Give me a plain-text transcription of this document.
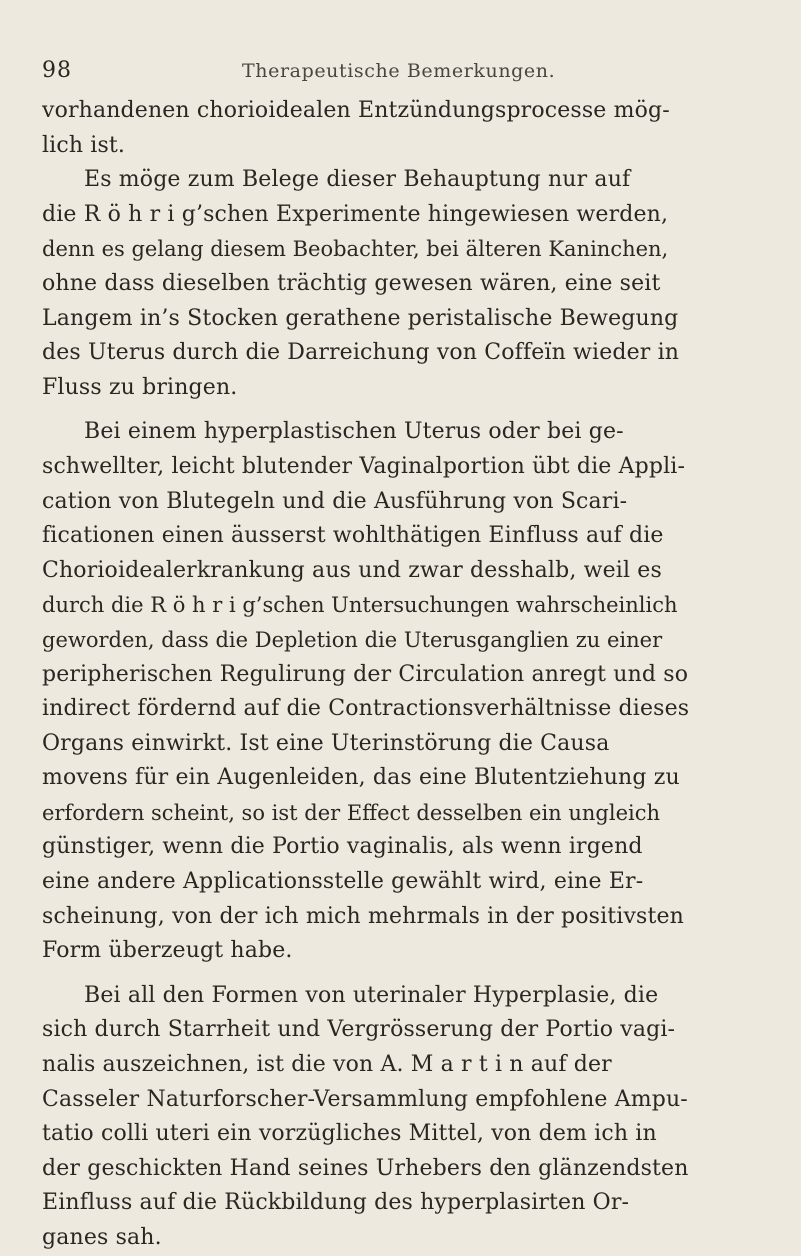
98	Therapeutische Bemerkungen.
vorhandenen chorioidealen Entzündungsprocesse mög-
lich ist.
Es möge zum Belege dieser Behauptung nur auf
die R ö h r i g’schen Experimente hingewiesen werden,
denn es gelang diesem Beobachter, bei älteren Kaninchen,
ohne dass dieselben trächtig gewesen wären, eine seit
Langem in’s Stocken gerathene peristalische Bewegung
des Uterus durch die Darreichung von Coffeïn wieder in
Fluss zu bringen.
Bei einem hyperplastischen Uterus oder bei ge-
schwellter, leicht blutender Vaginalportion übt die Appli-
cation von Blutegeln und die Ausführung von Scari-
ficationen einen äusserst wohlthätigen Einfluss auf die
Chorioidealerkrankung aus und zwar desshalb, weil es
durch die R ö h r i g’schen Untersuchungen wahrscheinlich
geworden, dass die Depletion die Uterusganglien zu einer
peripherischen Regulirung der Circulation anregt und so
indirect fördernd auf die Contractionsverhältnisse dieses
Organs einwirkt. Ist eine Uterinstörung die Causa
movens für ein Augenleiden, das eine Blutentziehung zu
erfordern scheint, so ist der Effect desselben ein ungleich
günstiger, wenn die Portio vaginalis, als wenn irgend
eine andere Applicationsstelle gewählt wird, eine Er-
scheinung, von der ich mich mehrmals in der positivsten
Form überzeugt habe.
Bei all den Formen von uterinaler Hyperplasie, die
sich durch Starrheit und Vergrösserung der Portio vagi-
nalis auszeichnen, ist die von A. M a r t i n auf der
Casseler Naturforscher-Versammlung empfohlene Ampu-
tatio colli uteri ein vorzügliches Mittel, von dem ich in
der geschickten Hand seines Urhebers den glänzendsten
Einfluss auf die Rückbildung des hyperplasirten Or-
ganes sah.
